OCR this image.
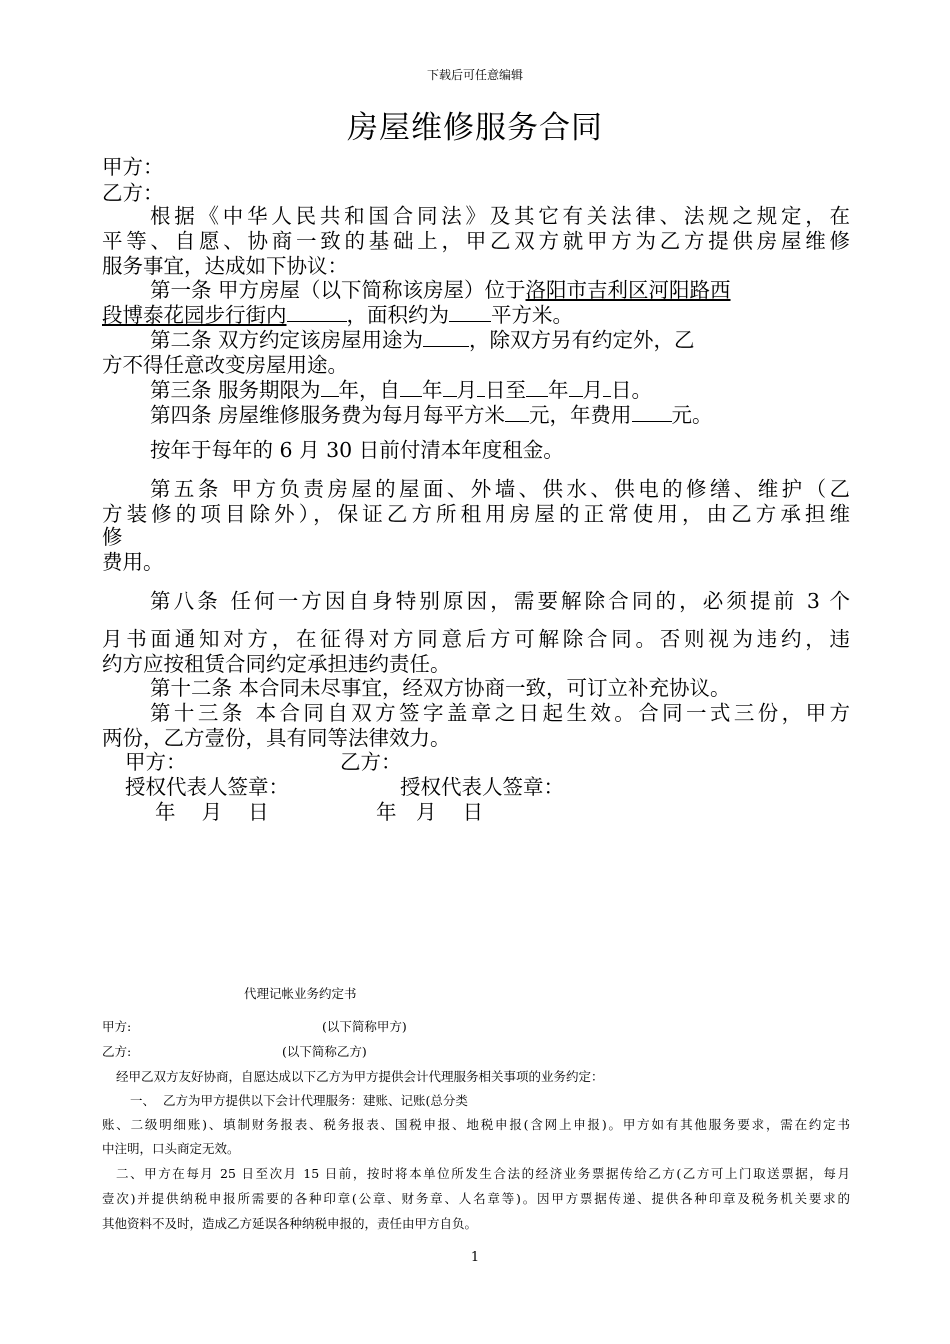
下载后可任意编辑
房屋维修服务合同
甲方：
乙方：
根据《中华人民共和国合同法》及其它有关法律、法规之规定，在
平等、自愿、协商一致的基础上，甲乙双方就甲方为乙方提供房屋维修
服务事宜，达成如下协议：
第一条 甲方房屋（以下简称该房屋）位于洛阳市吉利区河阳路西
段博泰花园步行街内	，面积约为 平方米。
第二条 双方约定该房屋用途为 ，除双方另有约定外，乙
方不得任意改变房屋用途。
第三条 服务期限为 年，自 年 月 日至 年 月 日。
第四条 房屋维修服务费为每月每平方米 元，年费用 元。
按年于每年的 6 月 30 日前付清本年度租金。
第五条 甲方负责房屋的屋面、外墙、供水、供电的修缮、维护（乙
方装修的项目除外），保证乙方所租用房屋的正常使用，由乙方承担维
修
费用。
第八条 任何一方因自身特别原因，需要解除合同的，必须提前 3 个
月书面通知对方，在征得对方同意后方可解除合同。否则视为违约，违
约方应按租赁合同约定承担违约责任。
第十二条 本合同未尽事宜，经双方协商一致，可订立补充协议。
第十三条 本合同自双方签字盖章之日起生效。合同一式三份，甲方
两份，乙方壹份，具有同等法律效力。
甲方：	乙方：
授权代表人签章：	授权代表人签章：
年    月    日	年   月    日
代理记帐业务约定书
甲方:	(以下简称甲方)
乙方:	(以下简称乙方)
经甲乙双方友好协商，自愿达成以下乙方为甲方提供会计代理服务相关事项的业务约定：
一、  乙方为甲方提供以下会计代理服务：建账、记账(总分类
账、二级明细账)、填制财务报表、税务报表、国税申报、地税申报(含网上申报)。甲方如有其他服务要求，需在约定书
中注明，口头商定无效。
二、甲方在每月 25 日至次月 15 日前，按时将本单位所发生合法的经济业务票据传给乙方(乙方可上门取送票据，每月
壹次)并提供纳税申报所需要的各种印章(公章、财务章、人名章等)。因甲方票据传递、提供各种印章及税务机关要求的
其他资料不及时，造成乙方延误各种纳税申报的，责任由甲方自负。
1
